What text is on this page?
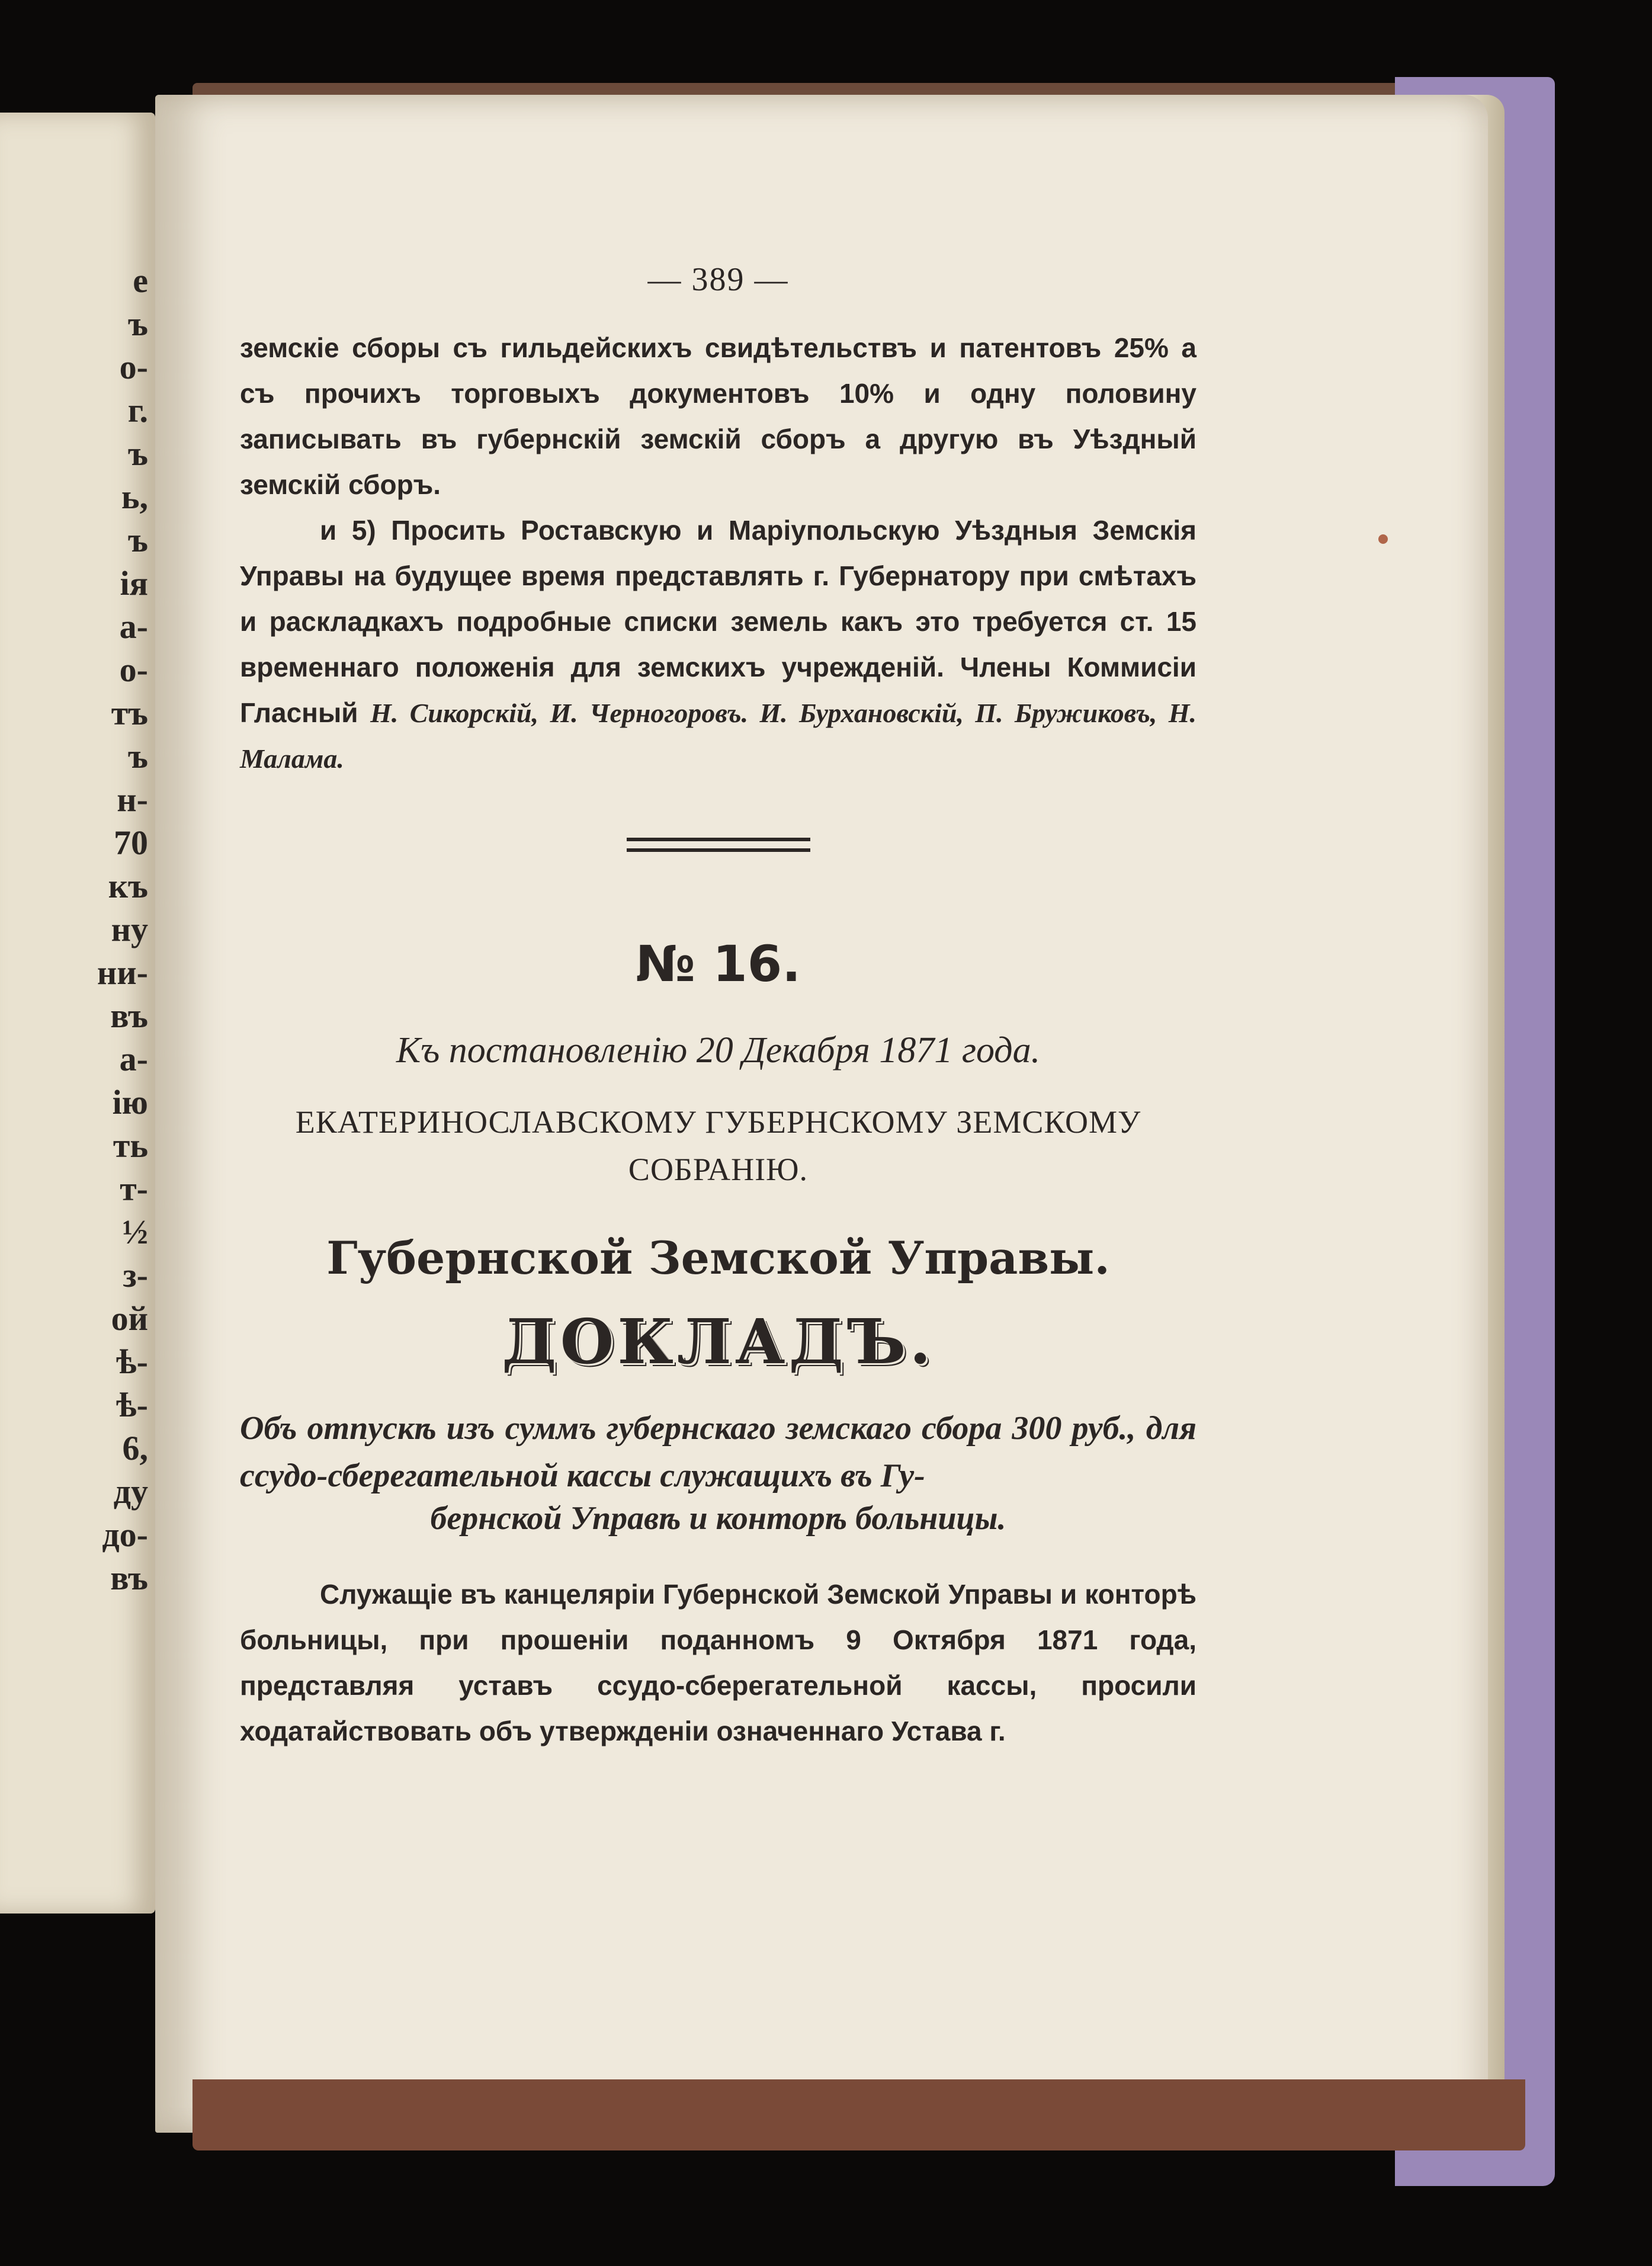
е
ъ
о-
г.
ъ
ь,
ъ
ія
а-
о-
тъ
ъ
н-
70
къ
ну
ни-
въ
а-
ію
ть
т-
½
з-
ой
ѣ-
ѣ-
6,
ду
до-
въ
— 389 —

земскіе сборы съ гильдейскихъ свидѣтельствъ и патентовъ 25% а съ прочихъ торговыхъ документовъ 10% и одну половину записывать въ губернскій земскій сборъ а другую въ Уѣздный земскій сборъ.

и 5) Просить Роставскую и Маріупольскую Уѣздныя Земскія Управы на будущее время представлять г. Губернатору при смѣтахъ и раскладкахъ подробные списки земель какъ это требуется ст. 15 временнаго положенія для земскихъ учрежденій. Члены Коммисіи Гласный Н. Сикорскій, И. Черногоровъ. И. Бурхановскій, П. Бружиковъ, Н. Малама.

№ 16.
Къ постановленію 20 Декабря 1871 года.
ЕКАТЕРИНОСЛАВСКОМУ ГУБЕРНСКОМУ ЗЕМСКОМУ
СОБРАНІЮ.
Губернской Земской Управы.
ДОКЛАДЪ.

Объ отпускѣ изъ суммъ губернскаго земскаго сбора 300 руб., для ссудо-сберегательной кассы служащихъ въ Гу-

бернской Управѣ и конторѣ больницы.

Служащіе въ канцеляріи Губернской Земской Управы и конторѣ больницы, при прошеніи поданномъ 9 Октября 1871 года, представляя уставъ ссудо-сберегательной кассы, просили ходатайствовать объ утвержденіи означеннаго Устава г.
